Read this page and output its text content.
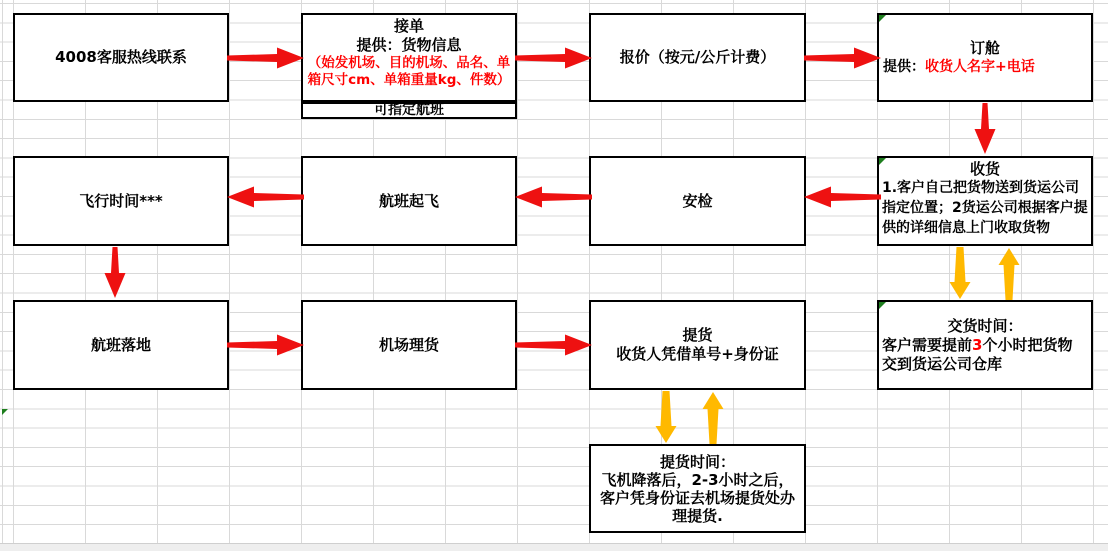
4008客服热线联系
接单
提供：货物信息
（始发机场、目的机场、品名、单箱尺寸cm、单箱重量kg、件数）
可指定航班
报价（按元/公斤计费）
订舱
提供：收货人名字+电话
飞行时间***	航班起飞	安检
收货
1.客户自己把货物送到货运公司指定位置；2货运公司根据客户提供的详细信息上门收取货物
航班落地	机场理货
提货
收货人凭借单号+身份证
交货时间：
客户需要提前3个小时把货物
交到货运公司仓库
提货时间：
飞机降落后，2-3小时之后，
客户凭身份证去机场提货处办理提货.
